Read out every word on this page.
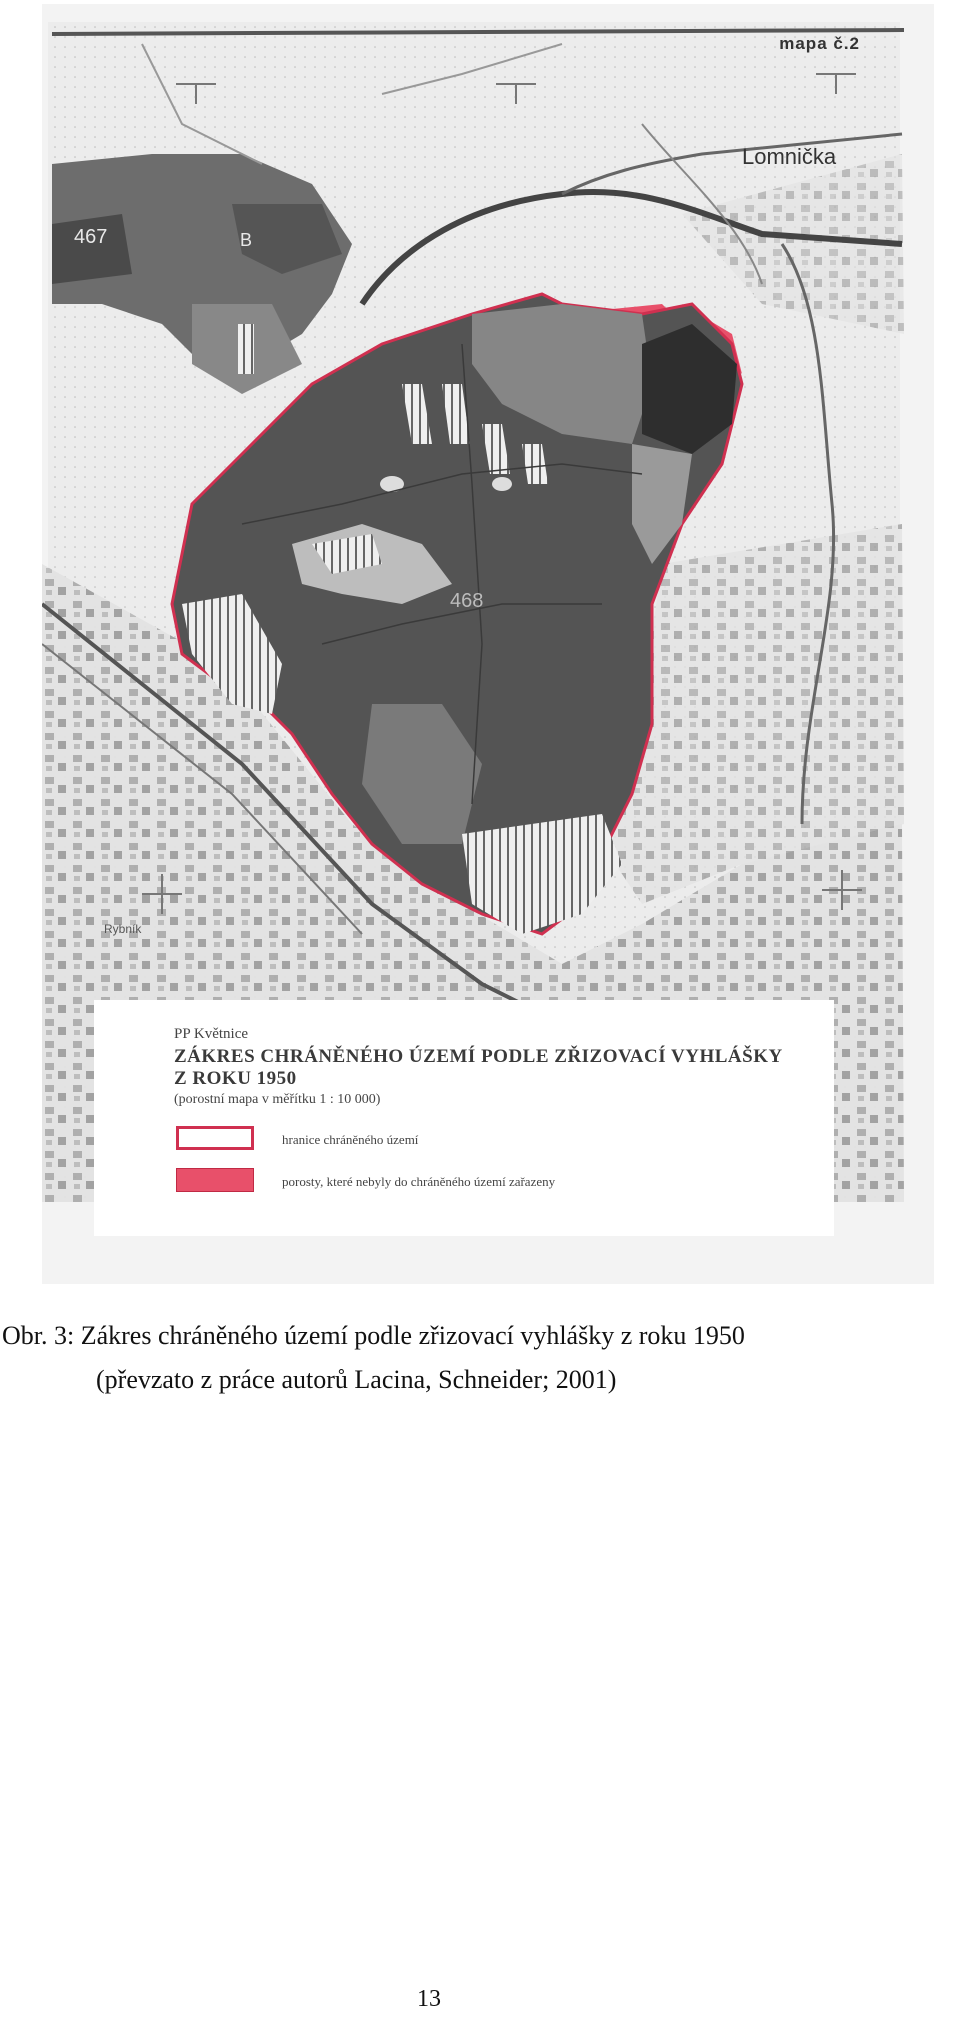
mapa č.2
Lomnička
467	B
468
Rybník
PP Květnice
ZÁKRES CHRÁNĚNÉHO ÚZEMÍ PODLE ZŘIZOVACÍ VYHLÁŠKY
Z ROKU 1950
(porostní mapa v měřítku 1 : 10 000)
hranice chráněného území
porosty, které nebyly do chráněného území zařazeny
Obr. 3: Zákres chráněného území podle zřizovací vyhlášky z roku 1950
(převzato z práce autorů Lacina, Schneider; 2001)
13
